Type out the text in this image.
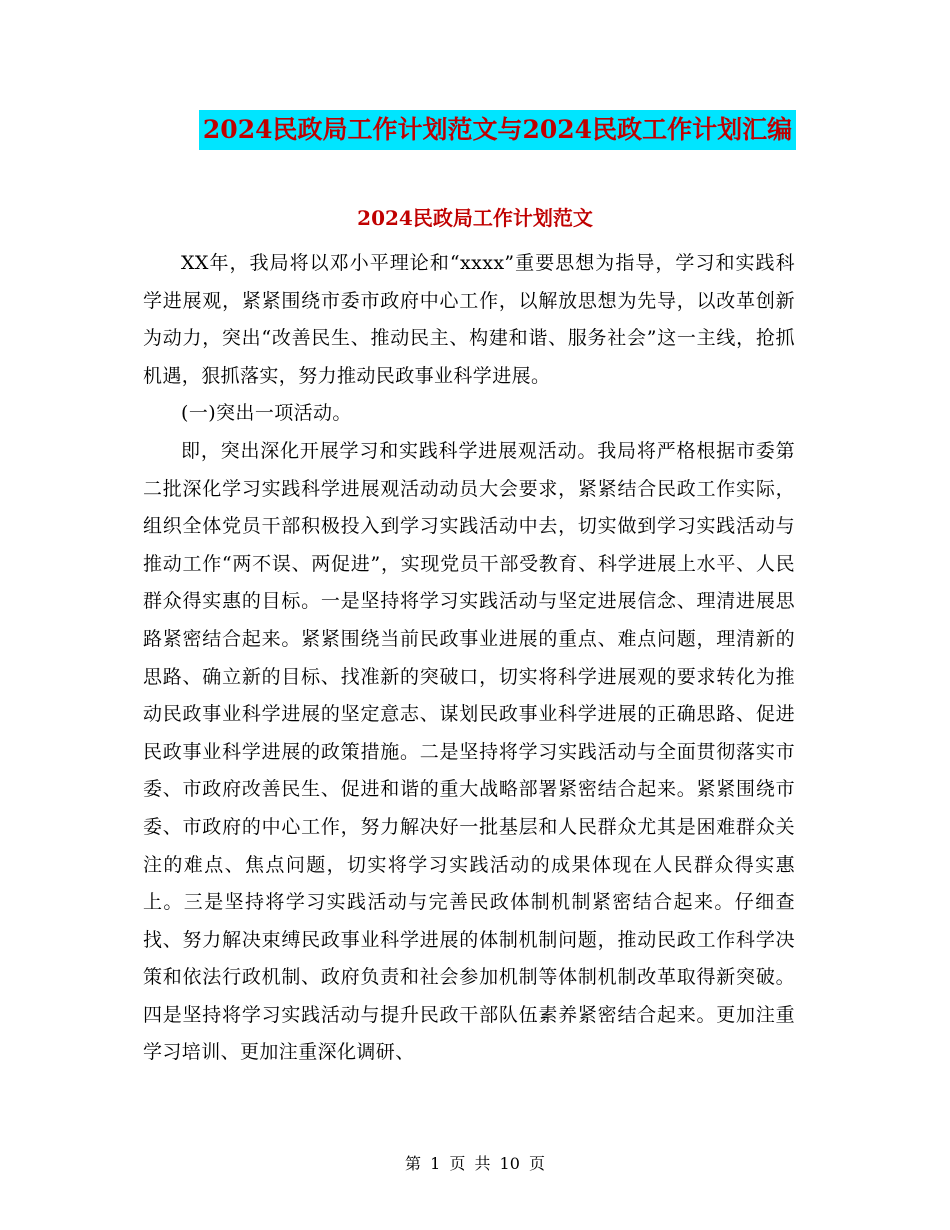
2024民政局工作计划范文与2024民政工作计划汇编
2024民政局工作计划范文

XX年，我局将以邓小平理论和“xxxx”重要思想为指导，学习和实践科学进展观，紧紧围绕市委市政府中心工作，以解放思想为先导，以改革创新为动力，突出“改善民生、推动民主、构建和谐、服务社会”这一主线，抢抓机遇，狠抓落实，努力推动民政事业科学进展。

(一)突出一项活动。

即，突出深化开展学习和实践科学进展观活动。我局将严格根据市委第二批深化学习实践科学进展观活动动员大会要求，紧紧结合民政工作实际，组织全体党员干部积极投入到学习实践活动中去，切实做到学习实践活动与推动工作“两不误、两促进”，实现党员干部受教育、科学进展上水平、人民群众得实惠的目标。一是坚持将学习实践活动与坚定进展信念、理清进展思路紧密结合起来。紧紧围绕当前民政事业进展的重点、难点问题，理清新的思路、确立新的目标、找准新的突破口，切实将科学进展观的要求转化为推动民政事业科学进展的坚定意志、谋划民政事业科学进展的正确思路、促进民政事业科学进展的政策措施。二是坚持将学习实践活动与全面贯彻落实市委、市政府改善民生、促进和谐的重大战略部署紧密结合起来。紧紧围绕市委、市政府的中心工作，努力解决好一批基层和人民群众尤其是困难群众关注的难点、焦点问题，切实将学习实践活动的成果体现在人民群众得实惠上。三是坚持将学习实践活动与完善民政体制机制紧密结合起来。仔细查找、努力解决束缚民政事业科学进展的体制机制问题，推动民政工作科学决策和依法行政机制、政府负责和社会参加机制等体制机制改革取得新突破。四是坚持将学习实践活动与提升民政干部队伍素养紧密结合起来。更加注重学习培训、更加注重深化调研、

第 1 页 共 10 页
